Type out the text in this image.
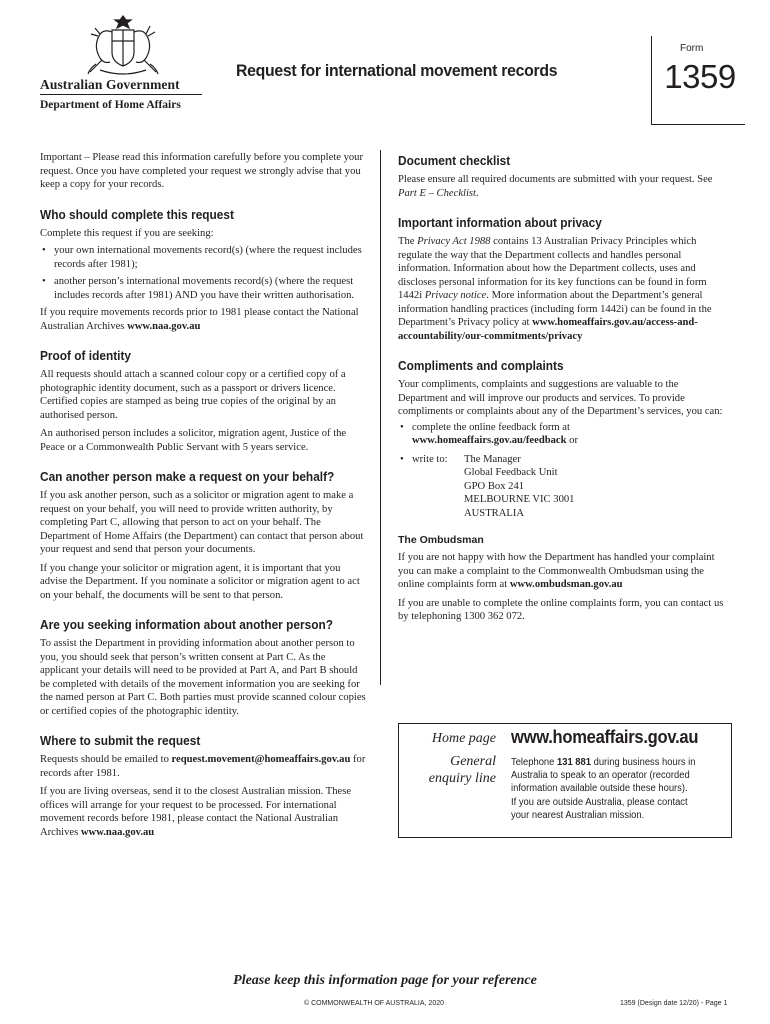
Australian Government
Department of Home Affairs
Request for international movement records
Form
1359

Important – Please read this information carefully before you complete your request. Once you have completed your request we strongly advise that you keep a copy for your records.

Who should complete this request

Complete this request if you are seeking:

• your own international movements record(s) (where the request includes records after 1981);
• another person’s international movements record(s) (where the request includes records after 1981) AND you have their written authorisation.

If you require movements records prior to 1981 please contact the National Australian Archives www.naa.gov.au

Proof of identity

All requests should attach a scanned colour copy or a certified copy of a photographic identity document, such as a passport or drivers licence. Certified copies are stamped as being true copies of the original by an authorised person.

An authorised person includes a solicitor, migration agent, Justice of the Peace or a Commonwealth Public Servant with 5 years service.

Can another person make a request on your behalf?

If you ask another person, such as a solicitor or migration agent to make a request on your behalf, you will need to provide written authority, by completing Part C, allowing that person to act on your behalf. The Department of Home Affairs (the Department) can contact that person about your request and send that person your documents.

If you change your solicitor or migration agent, it is important that you advise the Department. If you nominate a solicitor or migration agent to act on your behalf, the documents will be sent to that person.

Are you seeking information about another person?

To assist the Department in providing information about another person to you, you should seek that person’s written consent at Part C. As the applicant your details will need to be provided at Part A, and Part B should be completed with details of the movement information you are seeking for the named person at Part C. Both parties must provide scanned colour copies or certified copies of the photographic identity.

Where to submit the request

Requests should be emailed to request.movement@homeaffairs.gov.au for records after 1981.

If you are living overseas, send it to the closest Australian mission. These offices will arrange for your request to be processed. For international movement records before 1981, please contact the National Australian Archives www.naa.gov.au

Document checklist

Please ensure all required documents are submitted with your request. See Part E – Checklist.

Important information about privacy

The Privacy Act 1988 contains 13 Australian Privacy Principles which regulate the way that the Department collects and handles personal information. Information about how the Department collects, uses and discloses personal information for its key functions can be found in form 1442i Privacy notice. More information about the Department’s general information handling practices (including form 1442i) can be found in the Department’s Privacy policy at www.homeaffairs.gov.au/access-and-accountability/our-commitments/privacy

Compliments and complaints

Your compliments, complaints and suggestions are valuable to the Department and will improve our products and services. To provide compliments or complaints about any of the Department’s services, you can:

• complete the online feedback form at www.homeaffairs.gov.au/feedback or
• write to: The Manager
Global Feedback Unit
GPO Box 241
MELBOURNE VIC 3001
AUSTRALIA
The Ombudsman

If you are not happy with how the Department has handled your complaint you can make a complaint to the Commonwealth Ombudsman using the online complaints form at www.ombudsman.gov.au

If you are unable to complete the online complaints form, you can contact us by telephoning 1300 362 072.

Home page www.homeaffairs.gov.au
General
enquiry line
Telephone 131 881 during business hours in Australia to speak to an operator (recorded information available outside these hours).
If you are outside Australia, please contact your nearest Australian mission.
Please keep this information page for your reference
© COMMONWEALTH OF AUSTRALIA, 2020	1359 (Design date 12/20) - Page 1
